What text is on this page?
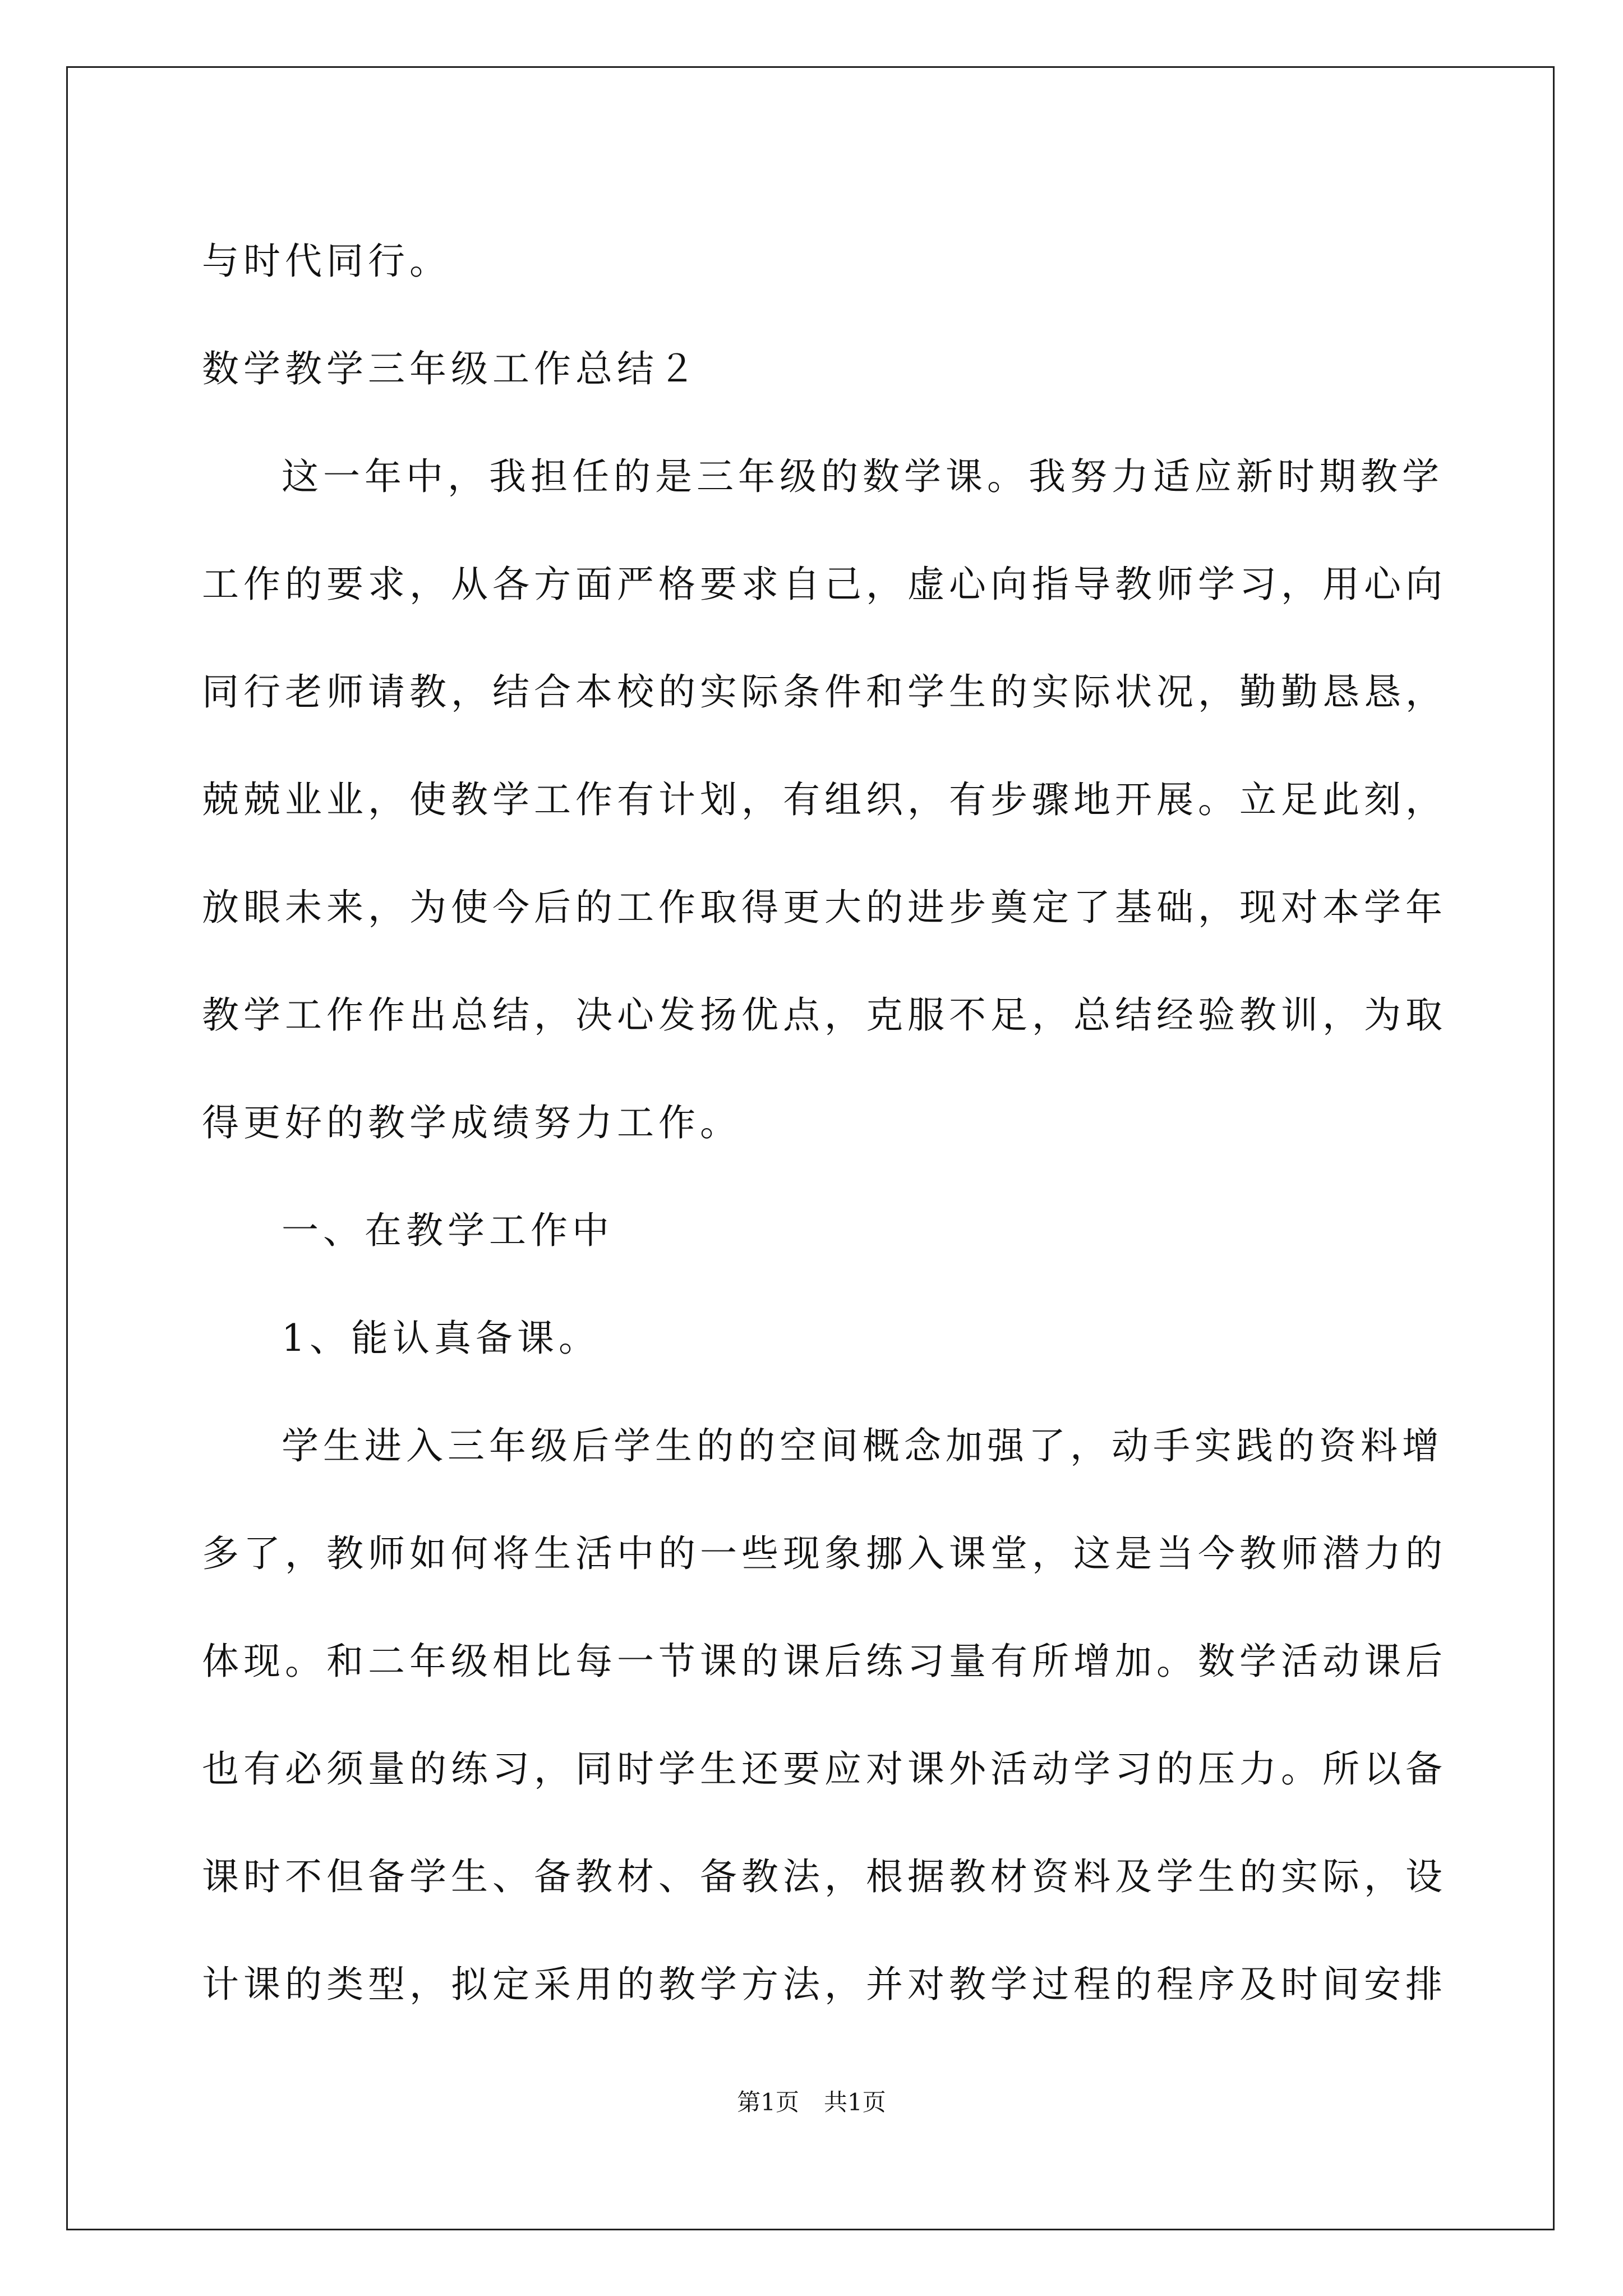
与时代同行。
数学教学三年级工作总结２
这一年中，我担任的是三年级的数学课。我努力适应新时期教学
工作的要求，从各方面严格要求自己，虚心向指导教师学习，用心向
同行老师请教，结合本校的实际条件和学生的实际状况，勤勤恳恳，
兢兢业业，使教学工作有计划，有组织，有步骤地开展。立足此刻，
放眼未来，为使今后的工作取得更大的进步奠定了基础，现对本学年
教学工作作出总结，决心发扬优点，克服不足，总结经验教训，为取
得更好的教学成绩努力工作。
一、在教学工作中
1、能认真备课。
学生进入三年级后学生的的空间概念加强了，动手实践的资料增
多了，教师如何将生活中的一些现象挪入课堂，这是当今教师潜力的
体现。和二年级相比每一节课的课后练习量有所增加。数学活动课后
也有必须量的练习，同时学生还要应对课外活动学习的压力。所以备
课时不但备学生、备教材、备教法，根据教材资料及学生的实际，设
计课的类型，拟定采用的教学方法，并对教学过程的程序及时间安排
第1页 共1页
